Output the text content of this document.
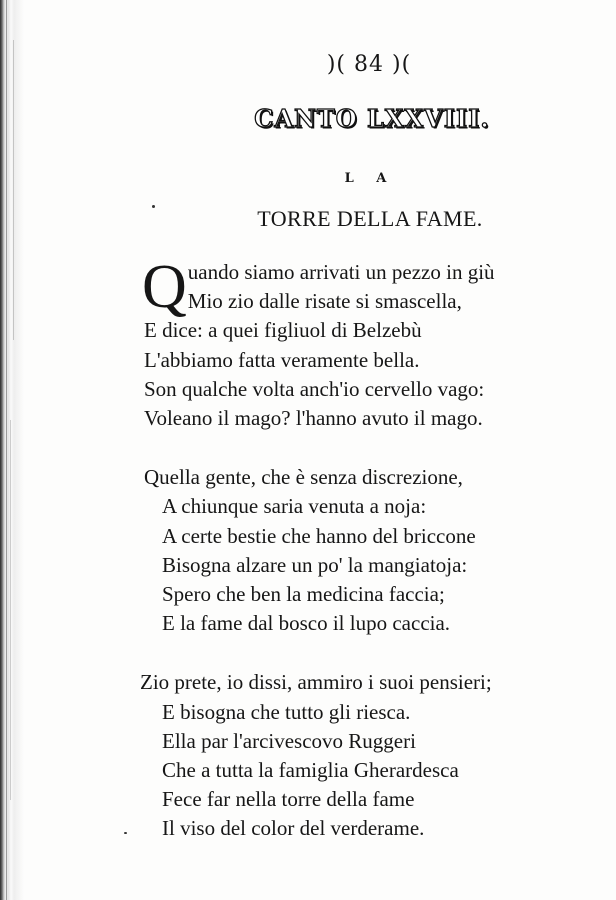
)( 84 )(
CANTO LXXVIII.
L A
TORRE DELLA FAME.
Q uando siamo arrivati un pezzo in giù
Mio zio dalle risate si smascella,
E dice: a quei figliuol di Belzebù
L'abbiamo fatta veramente bella.
Son qualche volta anch'io cervello vago:
Voleano il mago? l'hanno avuto il mago.
Quella gente, che è senza discrezione,
A chiunque saria venuta a noja:
A certe bestie che hanno del briccone
Bisogna alzare un po' la mangiatoja:
Spero che ben la medicina faccia;
E la fame dal bosco il lupo caccia.
Zio prete, io dissi, ammiro i suoi pensieri;
E bisogna che tutto gli riesca.
Ella par l'arcivescovo Ruggeri
Che a tutta la famiglia Gherardesca
Fece far nella torre della fame
Il viso del color del verderame.
